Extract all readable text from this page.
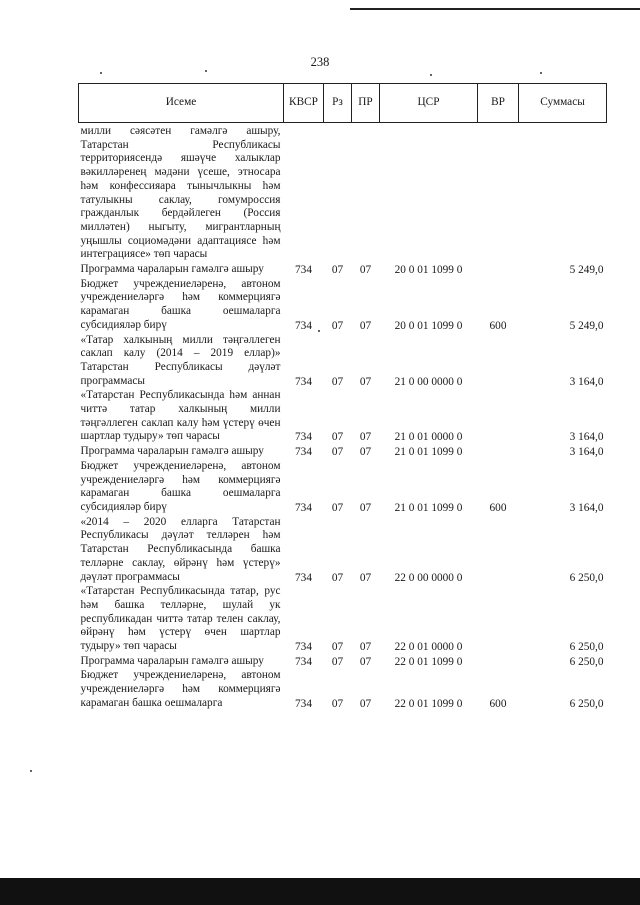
238
Исеме	КВСР	Рз	ПР	ЦСР	ВР	Суммасы
милли сәясәтен гамәлгә ашыру, Татарстан Республикасы территориясендә яшәүче халыклар вәкилләренең мәдәни үсеше, этносара һәм конфессияара тынычлыкны һәм татулыкны саклау, гомумроссия гражданлык бердәйлеген (Россия милләтен) ныгыту, мигрантларның уңышлы социомәдәни адаптациясе һәм интеграциясе» төп чарасы						
Программа чараларын гамәлгә ашыру	734	07	07	20 0 01 1099 0		5 249,0
Бюджет учреждениеләренә, автоном учреждениеләргә һәм коммерциягә карамаган башка оешмаларга субсидияләр бирү	734	07	07	20 0 01 1099 0	600	5 249,0
«Татар халкының милли тәңгәллеген саклап калу (2014 – 2019 еллар)» Татарстан Республикасы дәүләт программасы	734	07	07	21 0 00 0000 0		3 164,0
«Татарстан Республикасында һәм аннан читтә татар халкының милли тәңгәллеген саклап калу һәм үстерү өчен шартлар тудыру» төп чарасы	734	07	07	21 0 01 0000 0		3 164,0
Программа чараларын гамәлгә ашыру	734	07	07	21 0 01 1099 0		3 164,0
Бюджет учреждениеләренә, автоном учреждениеләргә һәм коммерциягә карамаган башка оешмаларга субсидияләр бирү	734	07	07	21 0 01 1099 0	600	3 164,0
«2014 – 2020 елларга Татарстан Республикасы дәүләт телләрен һәм Татарстан Республикасында башка телләрне саклау, өйрәнү һәм үстерү» дәүләт программасы	734	07	07	22 0 00 0000 0		6 250,0
«Татарстан Республикасында татар, рус һәм башка телләрне, шулай ук республикадан читтә татар телен саклау, өйрәнү һәм үстерү өчен шартлар тудыру» төп чарасы	734	07	07	22 0 01 0000 0		6 250,0
Программа чараларын гамәлгә ашыру	734	07	07	22 0 01 1099 0		6 250,0
Бюджет учреждениеләренә, автоном учреждениеләргә һәм коммерциягә карамаган башка оешмаларга	734	07	07	22 0 01 1099 0	600	6 250,0
